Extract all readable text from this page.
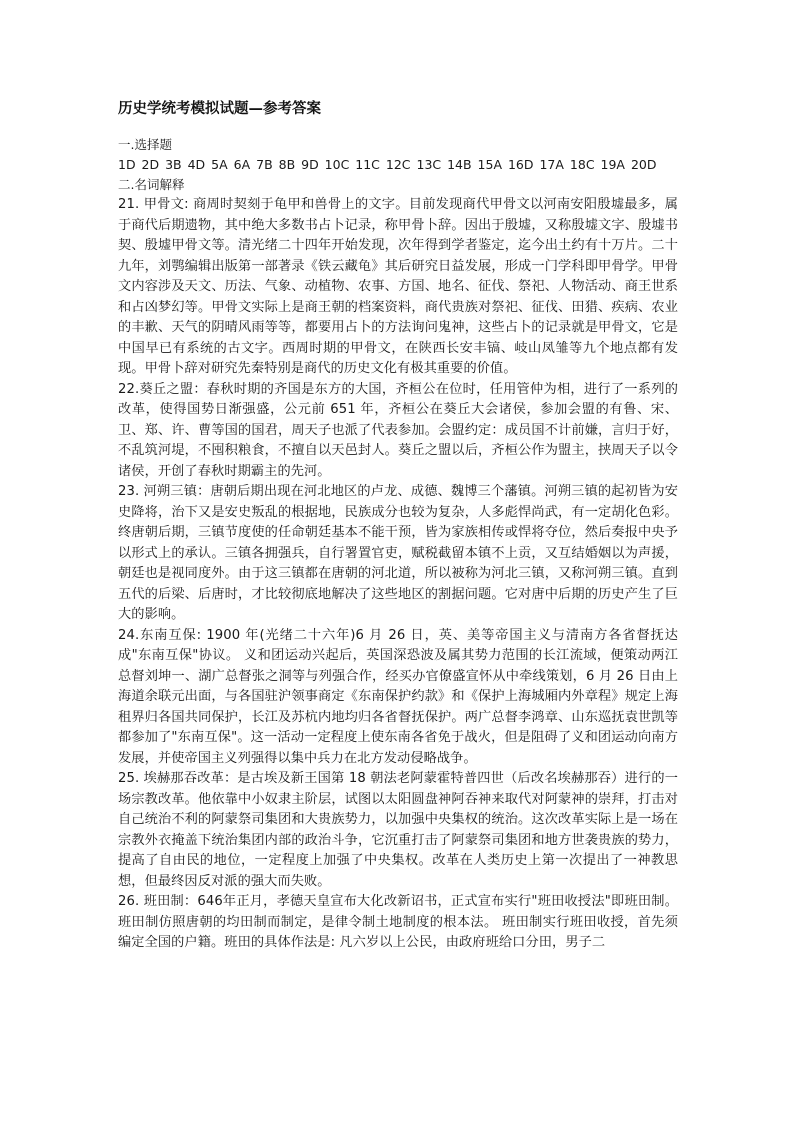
历史学统考模拟试题—参考答案

一.选择题

1D 2D 3B 4D 5A 6A 7B 8B 9D 10C 11C 12C 13C 14B 15A 16D 17A 18C 19A 20D

二.名词解释

21. 甲骨文: 商周时契刻于龟甲和兽骨上的文字。目前发现商代甲骨文以河南安阳殷墟最多，属于商代后期遗物，其中绝大多数书占卜记录，称甲骨卜辞。因出于殷墟，又称殷墟文字、殷墟书契、殷墟甲骨文等。清光绪二十四年开始发现，次年得到学者鉴定，迄今出土约有十万片。二十九年，刘鹗编辑出版第一部著录《铁云藏龟》其后研究日益发展，形成一门学科即甲骨学。甲骨文内容涉及天文、历法、气象、动植物、农事、方国、地名、征伐、祭祀、人物活动、商王世系和占凶梦幻等。甲骨文实际上是商王朝的档案资料，商代贵族对祭祀、征伐、田猎、疾病、农业的丰歉、天气的阴晴风雨等等，都要用占卜的方法询问鬼神，这些占卜的记录就是甲骨文，它是中国早已有系统的古文字。西周时期的甲骨文，在陕西长安丰镐、岐山凤雏等九个地点都有发现。甲骨卜辞对研究先秦特别是商代的历史文化有极其重要的价值。

22.葵丘之盟：春秋时期的齐国是东方的大国，齐桓公在位时，任用管仲为相，进行了一系列的改革，使得国势日渐强盛，公元前 651 年，齐桓公在葵丘大会诸侯，参加会盟的有鲁、宋、卫、郑、许、曹等国的国君，周天子也派了代表参加。会盟约定：成员国不计前嫌，言归于好，不乱筑河堤，不囤积粮食，不擅自以天邑封人。葵丘之盟以后，齐桓公作为盟主，挟周天子以令诸侯，开创了春秋时期霸主的先河。

23. 河朔三镇：唐朝后期出现在河北地区的卢龙、成德、魏博三个藩镇。河朔三镇的起初皆为安史降将，治下又是安史叛乱的根据地，民族成分也较为复杂，人多彪悍尚武，有一定胡化色彩。终唐朝后期，三镇节度使的任命朝廷基本不能干预，皆为家族相传或悍将夺位，然后奏报中央予以形式上的承认。三镇各拥强兵，自行署置官吏，赋税截留本镇不上贡，又互结婚姻以为声援，朝廷也是视同度外。由于这三镇都在唐朝的河北道，所以被称为河北三镇，又称河朔三镇。直到五代的后梁、后唐时，才比较彻底地解决了这些地区的割据问题。它对唐中后期的历史产生了巨大的影响。

24.东南互保: 1900 年(光绪二十六年)6 月 26 日，英、美等帝国主义与清南方各省督抚达成"东南互保"协议。 义和团运动兴起后，英国深恐波及属其势力范围的长江流域，便策动两江总督刘坤一、湖广总督张之洞等与列强合作，经买办官僚盛宣怀从中牵线策划，6 月 26 日由上海道余联元出面，与各国驻沪领事商定《东南保护约款》和《保护上海城厢内外章程》规定上海租界归各国共同保护，长江及苏杭内地均归各省督抚保护。两广总督李鸿章、山东巡抚袁世凯等都参加了"东南互保"。这一活动一定程度上使东南各省免于战火，但是阻碍了义和团运动向南方发展，并使帝国主义列强得以集中兵力在北方发动侵略战争。

25. 埃赫那吞改革：是古埃及新王国第 18 朝法老阿蒙霍特普四世（后改名埃赫那吞）进行的一场宗教改革。他依靠中小奴隶主阶层，试图以太阳圆盘神阿吞神来取代对阿蒙神的崇拜，打击对自己统治不利的阿蒙祭司集团和大贵族势力，以加强中央集权的统治。这次改革实际上是一场在宗教外衣掩盖下统治集团内部的政治斗争，它沉重打击了阿蒙祭司集团和地方世袭贵族的势力，提高了自由民的地位，一定程度上加强了中央集权。改革在人类历史上第一次提出了一神教思想，但最终因反对派的强大而失败。

26. 班田制：646年正月，孝德天皇宣布大化改新诏书，正式宣布实行"班田收授法"即班田制。班田制仿照唐朝的均田制而制定，是律令制土地制度的根本法。 班田制实行班田收授，首先须编定全国的户籍。班田的具体作法是: 凡六岁以上公民，由政府班给口分田，男子二
